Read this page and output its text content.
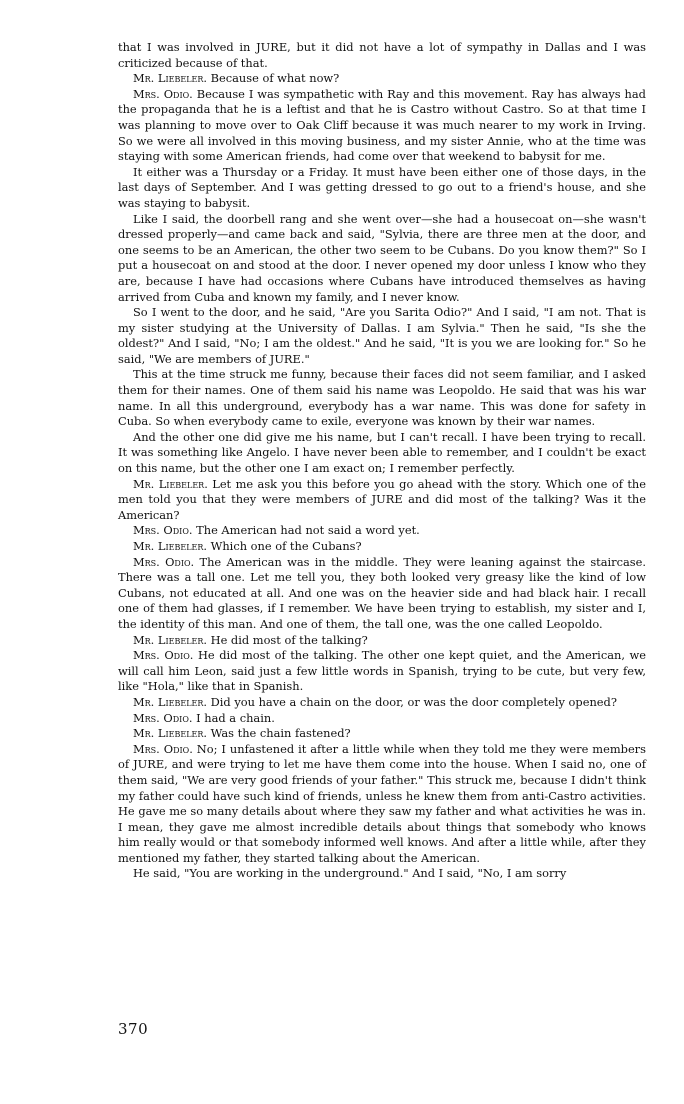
that I was involved in JURE, but it did not have a lot of sympathy in Dallas and I was criticized because of that.

Mr. Liebeler. Because of what now?

Mrs. Odio. Because I was sympathetic with Ray and this movement. Ray has always had the propaganda that he is a leftist and that he is Castro without Castro. So at that time I was planning to move over to Oak Cliff because it was much nearer to my work in Irving. So we were all involved in this moving business, and my sister Annie, who at the time was staying with some American friends, had come over that weekend to babysit for me.

It either was a Thursday or a Friday. It must have been either one of those days, in the last days of September. And I was getting dressed to go out to a friend's house, and she was staying to babysit.

Like I said, the doorbell rang and she went over—she had a housecoat on—she wasn't dressed properly—and came back and said, "Sylvia, there are three men at the door, and one seems to be an American, the other two seem to be Cubans. Do you know them?" So I put a housecoat on and stood at the door. I never opened my door unless I know who they are, because I have had occasions where Cubans have introduced themselves as having arrived from Cuba and known my family, and I never know.

So I went to the door, and he said, "Are you Sarita Odio?" And I said, "I am not. That is my sister studying at the University of Dallas. I am Sylvia." Then he said, "Is she the oldest?" And I said, "No; I am the oldest." And he said, "It is you we are looking for." So he said, "We are members of JURE."

This at the time struck me funny, because their faces did not seem familiar, and I asked them for their names. One of them said his name was Leopoldo. He said that was his war name. In all this underground, everybody has a war name. This was done for safety in Cuba. So when everybody came to exile, everyone was known by their war names.

And the other one did give me his name, but I can't recall. I have been trying to recall. It was something like Angelo. I have never been able to remember, and I couldn't be exact on this name, but the other one I am exact on; I remember perfectly.

Mr. Liebeler. Let me ask you this before you go ahead with the story. Which one of the men told you that they were members of JURE and did most of the talking? Was it the American?

Mrs. Odio. The American had not said a word yet.

Mr. Liebeler. Which one of the Cubans?

Mrs. Odio. The American was in the middle. They were leaning against the staircase. There was a tall one. Let me tell you, they both looked very greasy like the kind of low Cubans, not educated at all. And one was on the heavier side and had black hair. I recall one of them had glasses, if I remember. We have been trying to establish, my sister and I, the identity of this man. And one of them, the tall one, was the one called Leopoldo.

Mr. Liebeler. He did most of the talking?

Mrs. Odio. He did most of the talking. The other one kept quiet, and the American, we will call him Leon, said just a few little words in Spanish, trying to be cute, but very few, like "Hola," like that in Spanish.

Mr. Liebeler. Did you have a chain on the door, or was the door completely opened?

Mrs. Odio. I had a chain.

Mr. Liebeler. Was the chain fastened?

Mrs. Odio. No; I unfastened it after a little while when they told me they were members of JURE, and were trying to let me have them come into the house. When I said no, one of them said, "We are very good friends of your father." This struck me, because I didn't think my father could have such kind of friends, unless he knew them from anti-Castro activities. He gave me so many details about where they saw my father and what activities he was in. I mean, they gave me almost incredible details about things that somebody who knows him really would or that somebody informed well knows. And after a little while, after they mentioned my father, they started talking about the American.

He said, "You are working in the underground." And I said, "No, I am sorry

370
